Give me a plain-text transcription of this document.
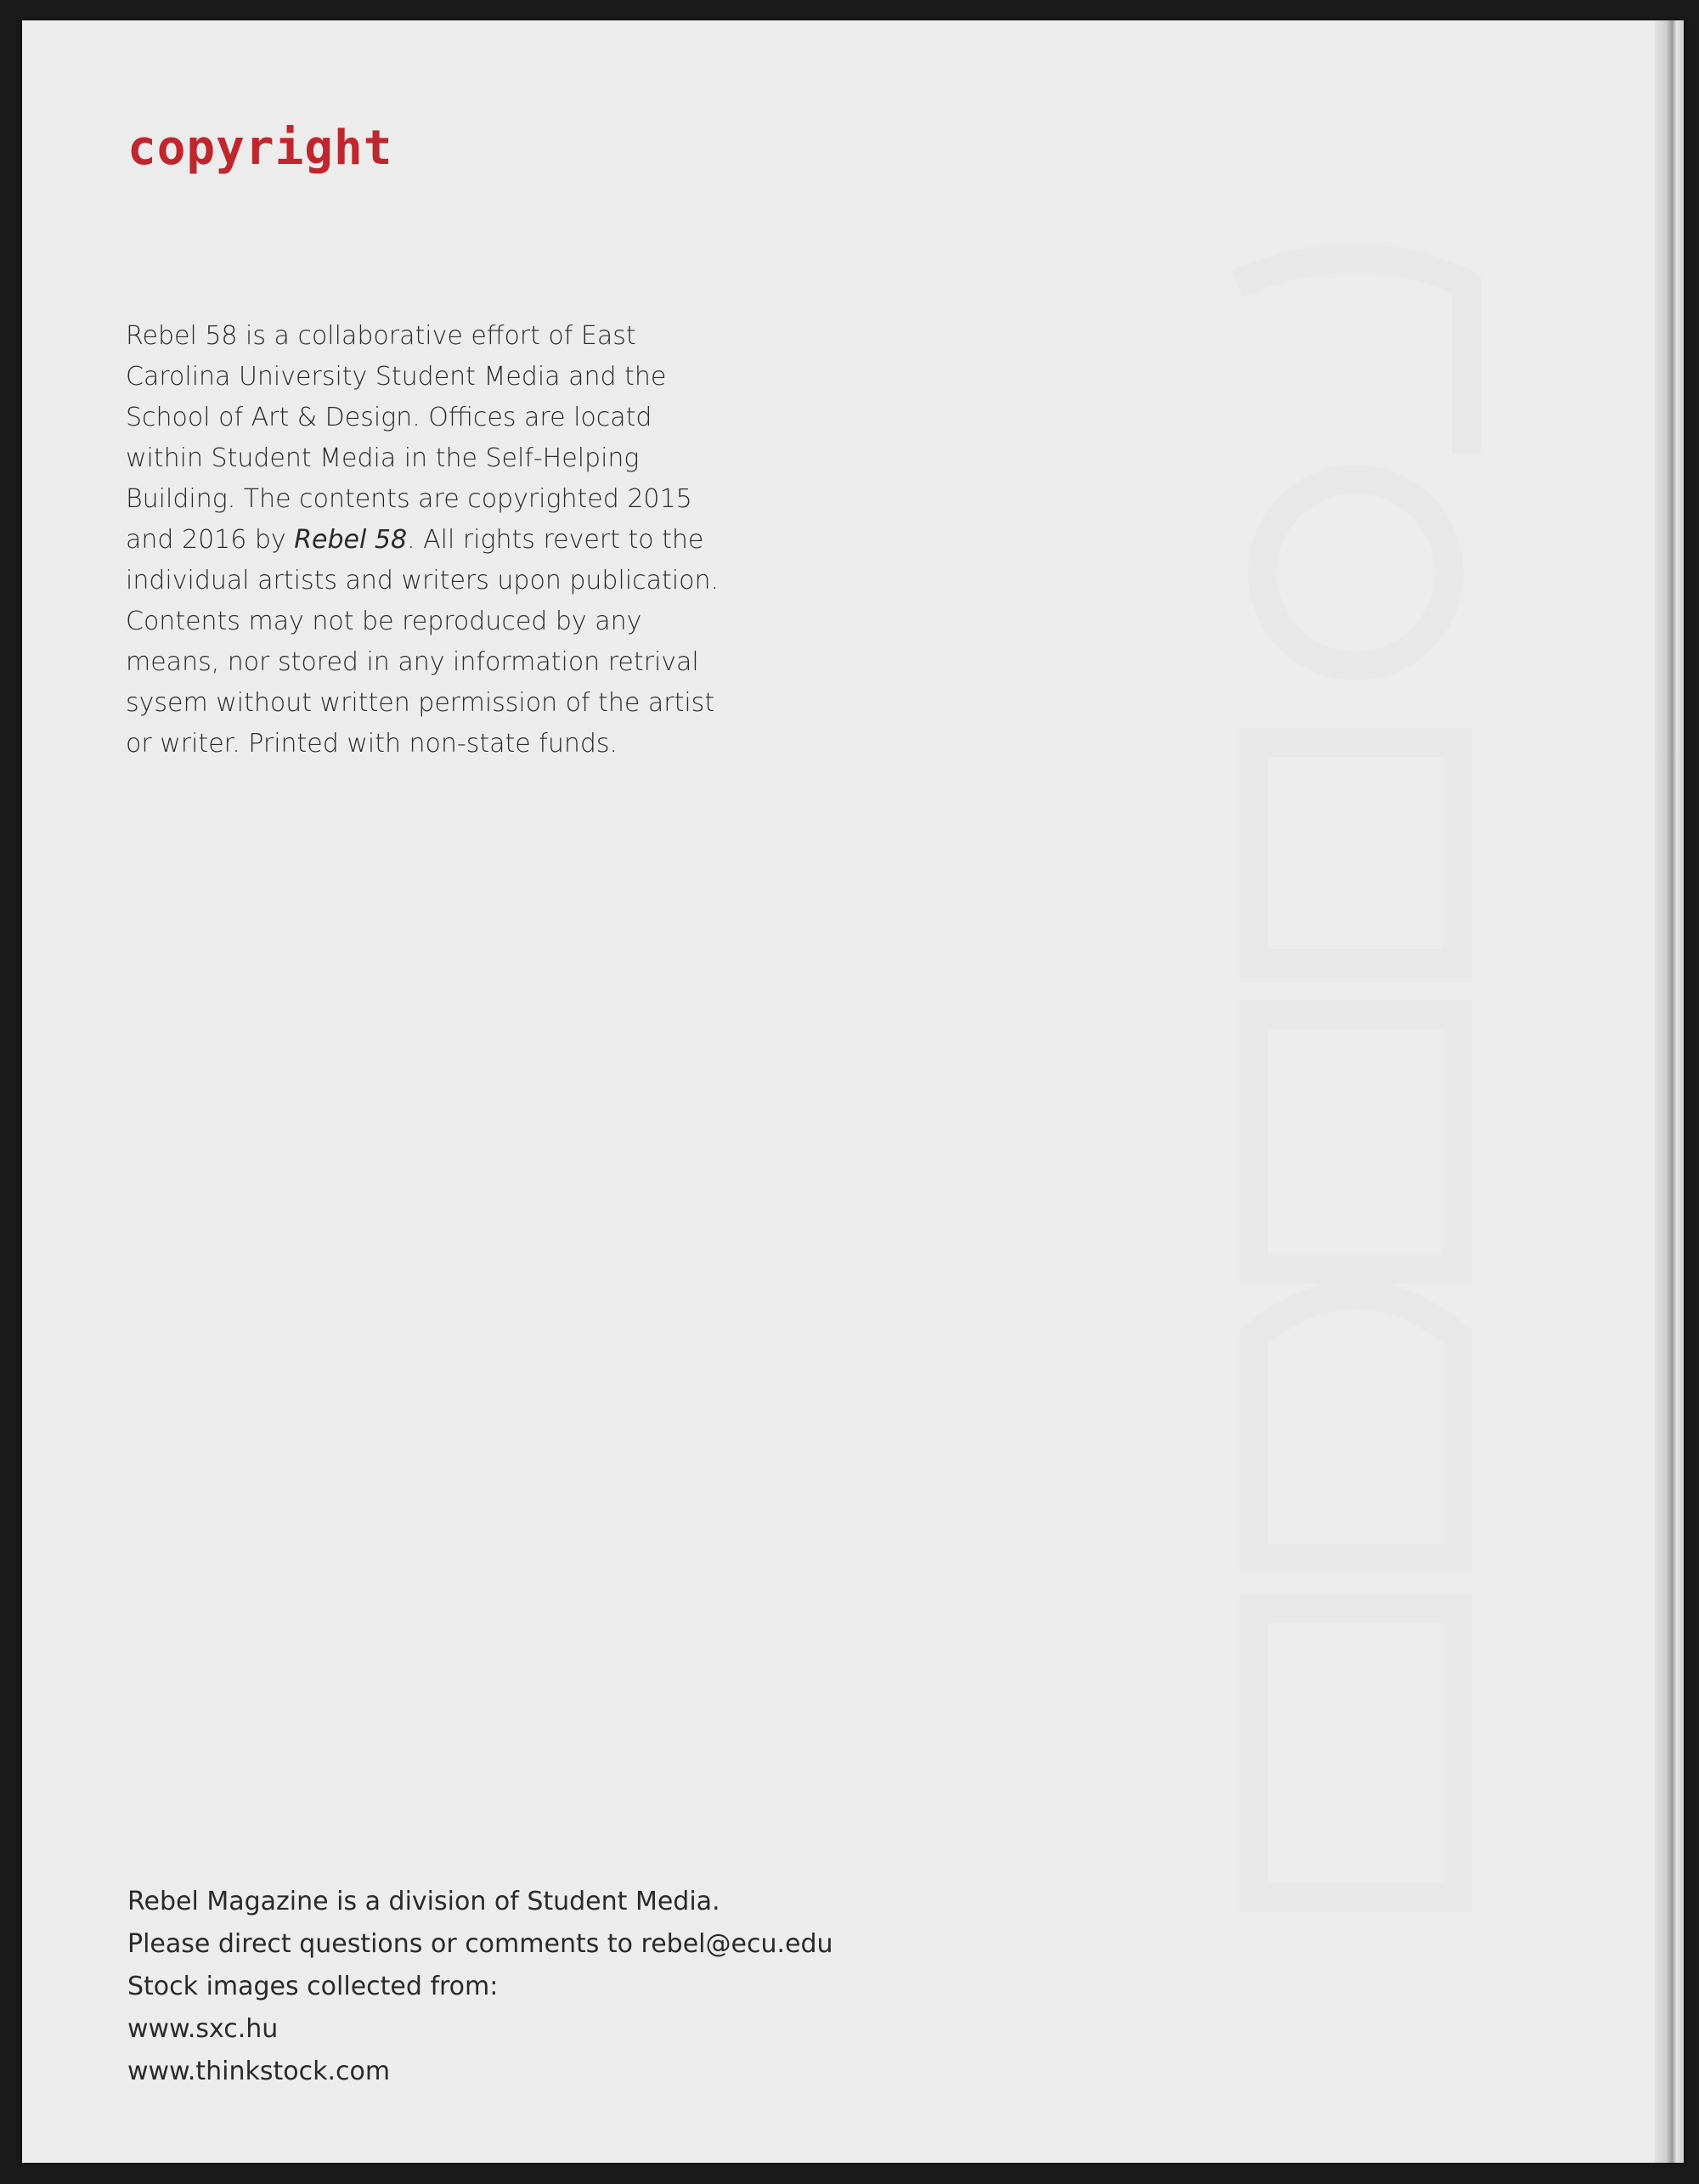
copyright

Rebel 58 is a collaborative effort of East Carolina University Student Media and the School of Art & Design. Offices are locatd within Student Media in the Self-Helping Building. The contents are copyrighted 2015 and 2016 by Rebel 58. All rights revert to the individual artists and writers upon publication. Contents may not be reproduced by any means, nor stored in any information retrival sysem without written permission of the artist or writer. Printed with non-state funds.

Rebel Magazine is a division of Student Media.
Please direct questions or comments to rebel@ecu.edu
Stock images collected from:
www.sxc.hu
www.thinkstock.com
